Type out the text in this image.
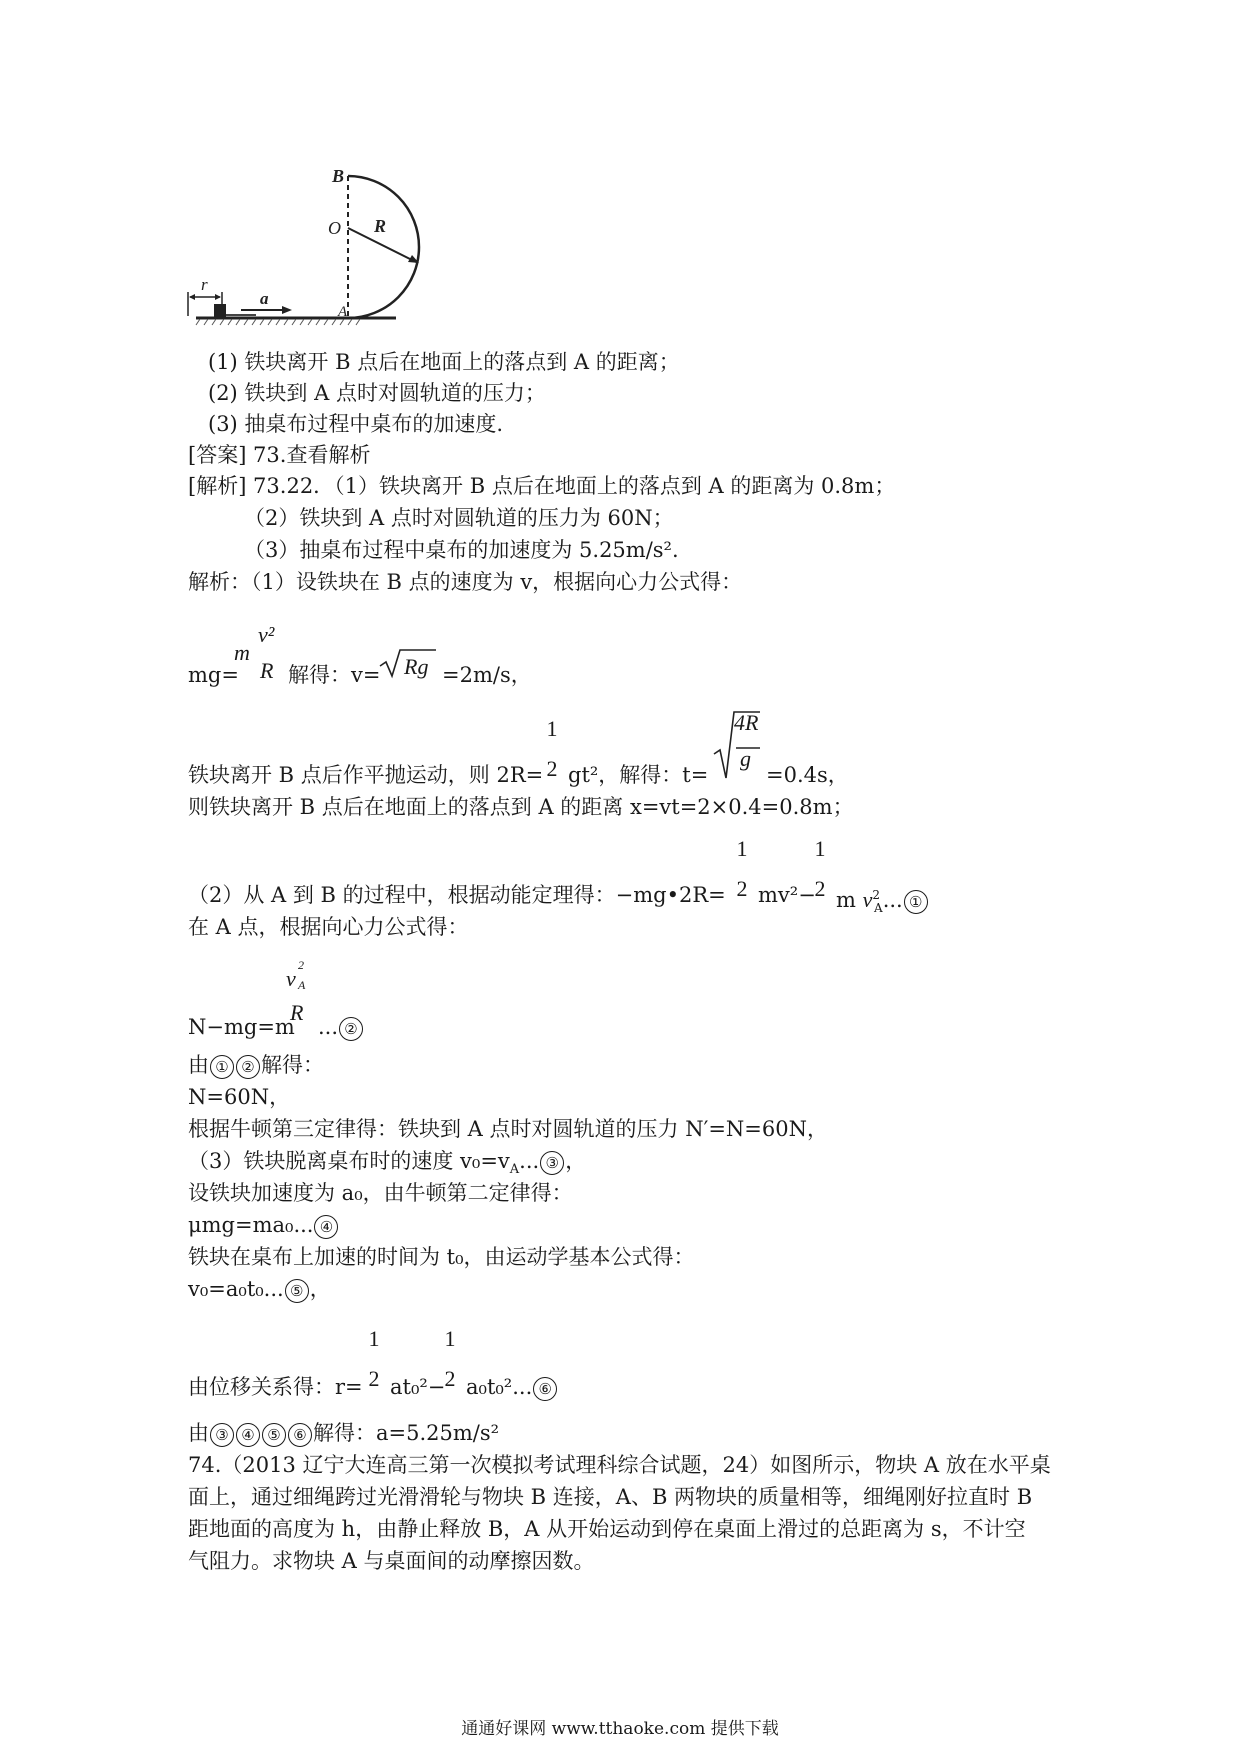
B
O R
r
a
A
(1) 铁块离开 B 点后在地面上的落点到 A 的距离；
(2) 铁块到 A 点时对圆轨道的压力；
(3) 抽桌布过程中桌布的加速度.
[答案] 73.查看解析
[解析] 73.22．（1）铁块离开 B 点后在地面上的落点到 A 的距离为 0.8m；
（2）铁块到 A 点时对圆轨道的压力为 60N；
（3）抽桌布过程中桌布的加速度为 5.25m/s².
解析：（1）设铁块在 B 点的速度为 v，根据向心力公式得：
mg=
m
v²
R 解得：v= Rg =2m/s，
铁块离开 B 点后作平抛运动，则 2R=
1
2 gt²，解得：t=
4R
g
=0.4s，
则铁块离开 B 点后在地面上的落点到 A 的距离 x=vt=2×0.4=0.8m；
（2）从 A 到 B 的过程中，根据动能定理得：−mg•2R=
1
2 mv²−
1
2 m $v^2_A$... ①
在 A 点，根据向心力公式得：
N−mg=m
v
2
A
R
... ②
由 ① ② 解得：
N=60N，
根据牛顿第三定律得：铁块到 A 点时对圆轨道的压力 N′=N=60N，
（3）铁块脱离桌布时的速度 $v_0=v_A$... ③ ，
设铁块加速度为 a₀，由牛顿第二定律得：
μmg=ma₀... ④
铁块在桌布上加速的时间为 t₀，由运动学基本公式得：
v₀=a₀t₀... ⑤ ，
由位移关系得：r=
1
2 at₀²−
1
2 a₀t₀²... ⑥
由 ③ ④ ⑤ ⑥ 解得：a=5.25m/s²
74.（2013 辽宁大连高三第一次模拟考试理科综合试题，24）如图所示，物块 A 放在水平桌
面上，通过细绳跨过光滑滑轮与物块 B 连接，A、B 两物块的质量相等，细绳刚好拉直时 B
距地面的高度为 h，由静止释放 B，A 从开始运动到停在桌面上滑过的总距离为 s，不计空
气阻力。求物块 A 与桌面间的动摩擦因数。
通通好课网 www.tthaoke.com 提供下载
